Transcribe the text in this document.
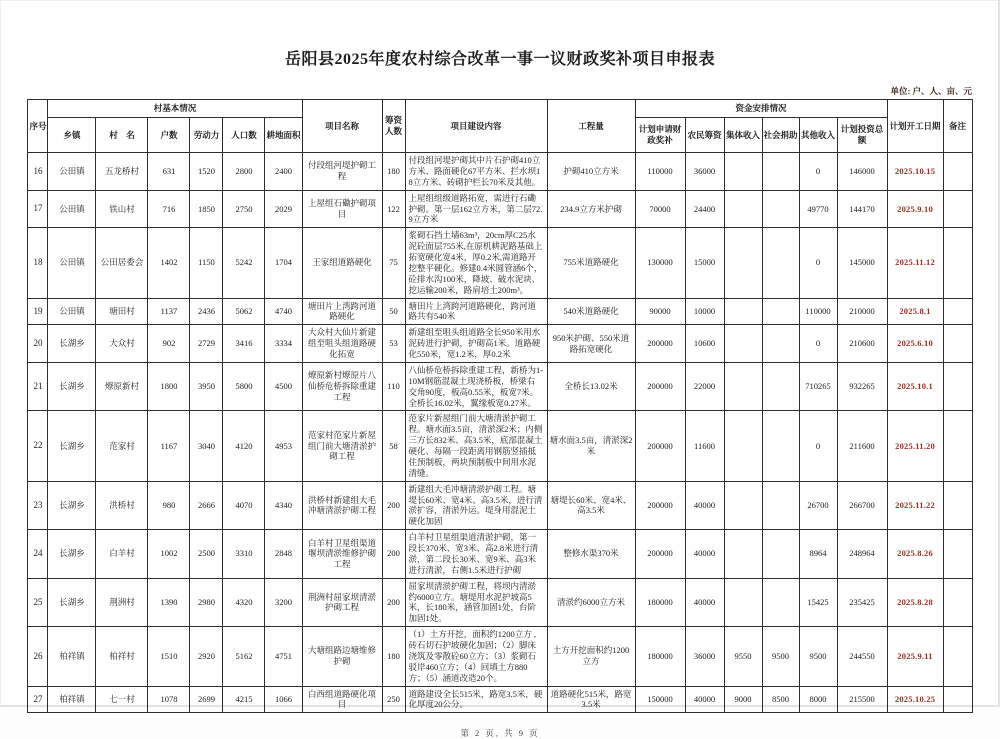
岳阳县2025年度农村综合改革一事一议财政奖补项目申报表
单位: 户、人、亩、元
序号	村基本情况						项目名称	筹资人数	项目建设内容	工程量	资金安排情况						计划开工日期	备注
	乡镇	村　名	户数	劳动力	人口数	耕地面积					计划申请财政奖补	农民筹资	集体收入	社会捐助	其他收入	计划投资总额		
16	公田镇	五龙桥村	631	1520	2800	2400	付段组河堤护砌工程	180	付段组河堤护砌其中片石护砌410立方米、路面硬化67平方米、拦水坝18立方米、砖砌护栏长70米及其他。	护砌410立方米	110000	36000			0	146000	2025.10.15	
17	公田镇	铁山村	716	1850	2750	2029	上屋组石磡护砌项目	122	上屋组组级道路拓宽，需进行石磡护砌。第一层162立方米，第二层72.9立方米	234.9立方米护砌	70000	24400			49770	144170	2025.9.10	
18	公田镇	公田居委会	1402	1150	5242	1704	王家组道路硬化	75	浆砌石挡土墙63m³，20cm厚C25水泥砼面层755米,在原机耕泥路基础上拓宽硬化宽4米，厚0.2米,需道路开挖整平硬化。修建0.4米圆管涵6个，砼排水沟100米，降坡、破水泥块、挖运输200米，路肩培土200m³。	755米道路硬化	130000	15000			0	145000	2025.11.12	
19	公田镇	塘田村	1137	2436	5062	4740	塘田片上湾跨河道路硬化	50	塘田片上湾跨河道路硬化，跨河道路共有540米	540米道路硬化	90000	10000			110000	210000	2025.8.1	
20	长湖乡	大众村	902	2729	3416	3334	大众村大仙片新建组至咀头组道路硬化拓宽	53	新建组至咀头组道路全长950米用水泥砖进行护砌，护砌高1米。道路硬化550米，宽1.2米，厚0.2米	950米护砌、550米道路拓宽硬化	200000	10600			0	210600	2025.6.10	
21	长湖乡	燎原新村	1800	3950	5800	4500	燎原新村燎原片八仙桥危桥拆除重建工程	110	八仙桥危桥拆除重建工程，新桥为1-10M钢筋混凝土现浇桥板，桥梁右交角90度，板高0.55米，板宽7米。全桥长16.02米，翼缘板宽0.27米。	全桥长13.02米	200000	22000			710265	932265	2025.10.1	
22	长湖乡	范家村	1167	3040	4120	4953	范家村范家片新屋组门前大塘清淤护砌工程	58	范家片新屋组门前大塘清淤护砌工程。塘水面3.5亩，清淤深2米；内侧三方长832米、高3.5米，底部混凝土硬化、每隔一段距离用钢筋竖插抵住预制板，两块预制板中间用水泥清缝。	塘水面3.5亩，清淤深2米	200000	11600			0	211600	2025.11.20	
23	长湖乡	洪桥村	980	2666	4070	4340	洪桥村新建组大毛冲塘清淤护砌工程	200	新建组大毛冲塘清淤护砌工程。塘堤长60米、宽4米、高3.5米，进行清淤扩容，清淤外运。堤身用混泥土硬化加固	塘堤长60米、宽4米、高3.5米	200000	40000			26700	266700	2025.11.22	
24	长湖乡	白羊村	1002	2500	3310	2848	白羊村卫星组渠道堰坝清淤维修护砌工程	200	白羊村卫星组渠道清淤护砌，第一段长370米、宽3米、高2.8米进行清淤，第二段长30米、宽9米、高3米进行清淤，右侧1.5米进行护砌	整修水渠370米	200000	40000			8964	248964	2025.8.26	
25	长湖乡	荆洲村	1390	2980	4320	3200	荆洲村屈家坝清淤护砌工程	200	屈家坝清淤护砌工程，将坝内清淤约6000立方。塘堤用水泥护坡高5米，长180米，涵管加固1处，台阶加固1处。	清淤约6000立方米	180000	40000			15425	235425	2025.8.28	
26	柏祥镇	柏祥村	1510	2920	5162	4751	大塘组路边塘维修护砌	180	（1）土方开挖，面积约1200立方 ,砖石切石护坡硬化加固；（2）脚床浇筑及零散砼60立方；（3）浆砌石驳岸460立方；（4）回填土方880方；（5）涵道改造20个。	土方开挖面积约1200立方	180000	36000	9550	9500	9500	244550	2025.9.11	
27	柏祥镇	七一村	1078	2699	4215	1066	白西组道路硬化项目	250	道路建设全长515米，路宽3.5米，硬化厚度20公分。	道路硬化515米，路宽3.5米	150000	40000	9000	8500	8000	215500	2025.10.25	
第 2 页, 共 9 页
